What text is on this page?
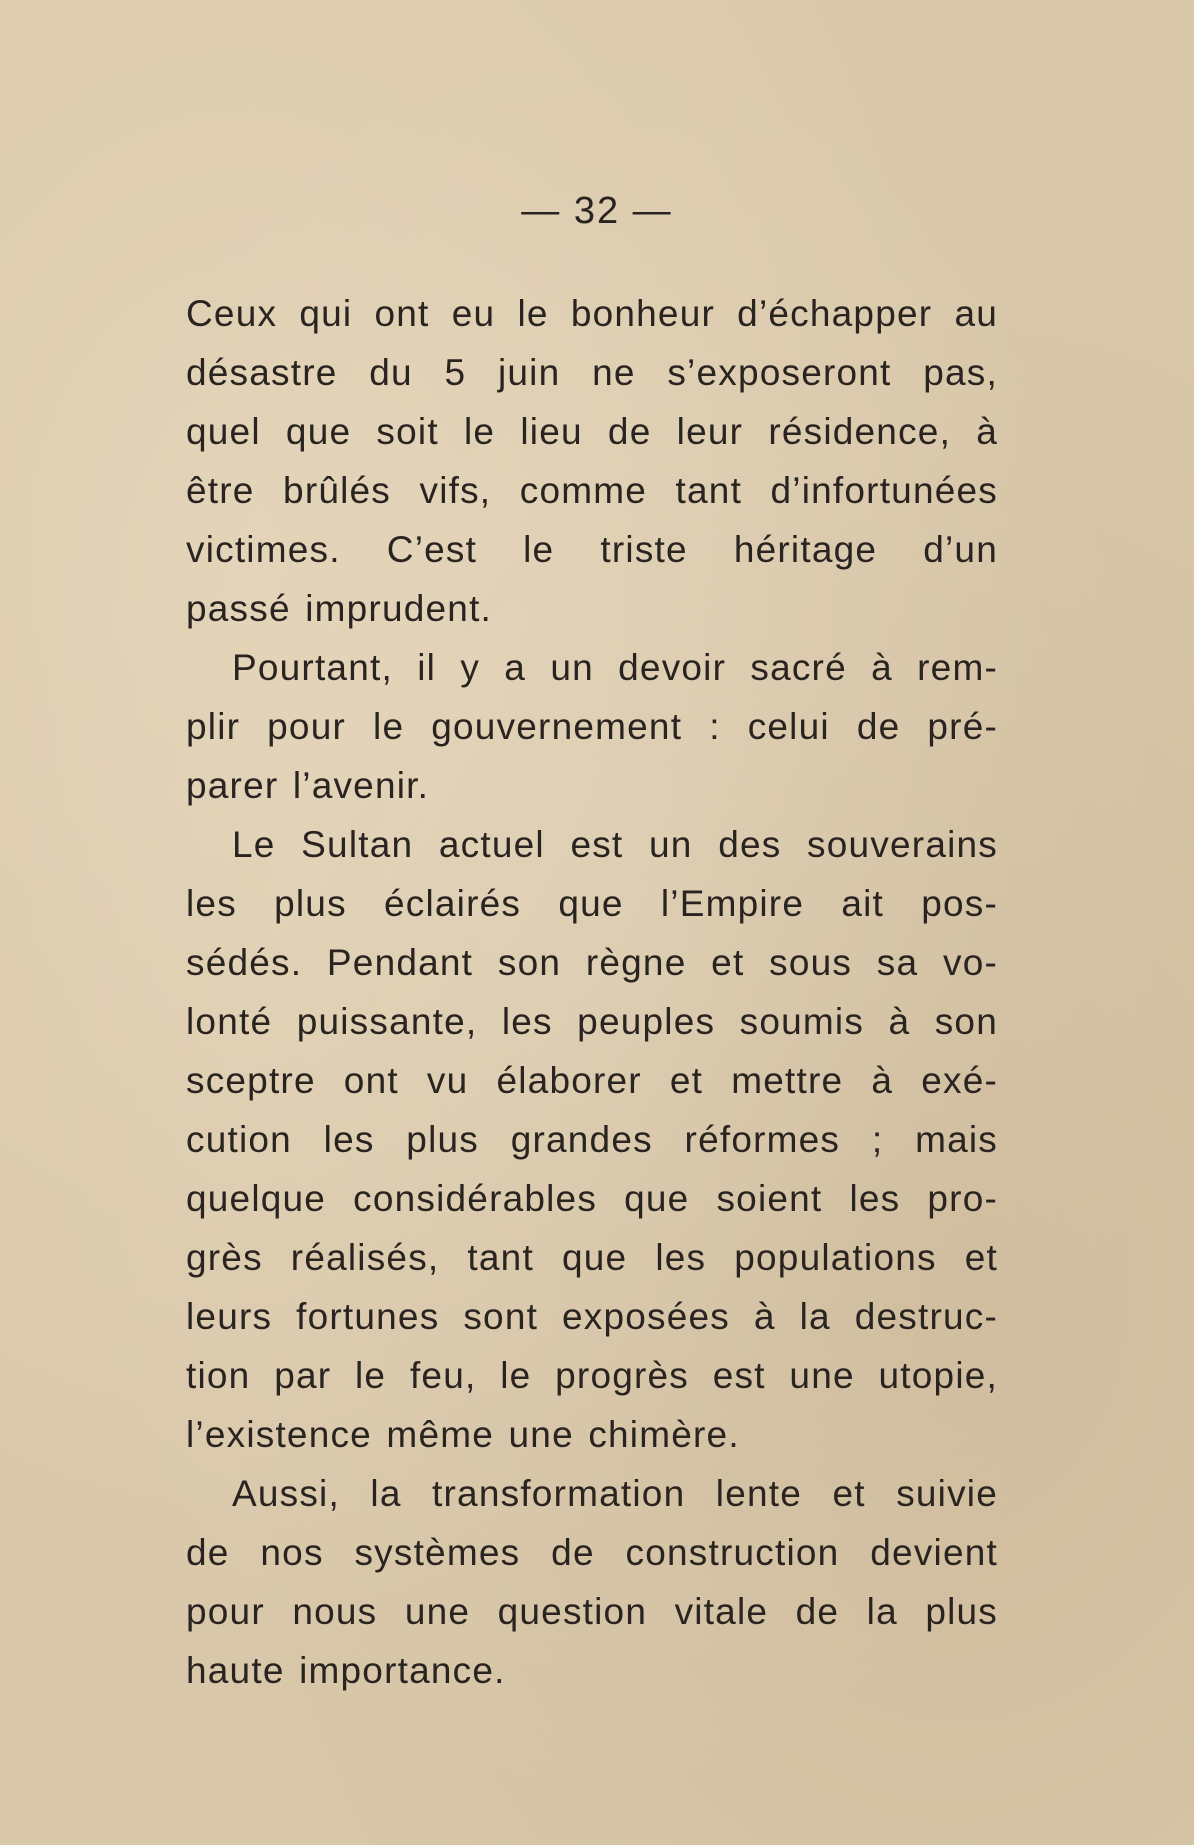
— 32 —

Ceux qui ont eu le bonheur d’échapper au
désastre du 5 juin ne s’exposeront pas,
quel que soit le lieu de leur résidence, à
être brûlés vifs, comme tant d’infortunées
victimes. C’est le triste héritage d’un
passé imprudent.

Pourtant, il y a un devoir sacré à rem-
plir pour le gouvernement : celui de pré-
parer l’avenir.

Le Sultan actuel est un des souverains
les plus éclairés que l’Empire ait pos-
sédés. Pendant son règne et sous sa vo-
lonté puissante, les peuples soumis à son
sceptre ont vu élaborer et mettre à exé-
cution les plus grandes réformes ; mais
quelque considérables que soient les pro-
grès réalisés, tant que les populations et
leurs fortunes sont exposées à la destruc-
tion par le feu, le progrès est une utopie,
l’existence même une chimère.

Aussi, la transformation lente et suivie
de nos systèmes de construction devient
pour nous une question vitale de la plus
haute importance.
